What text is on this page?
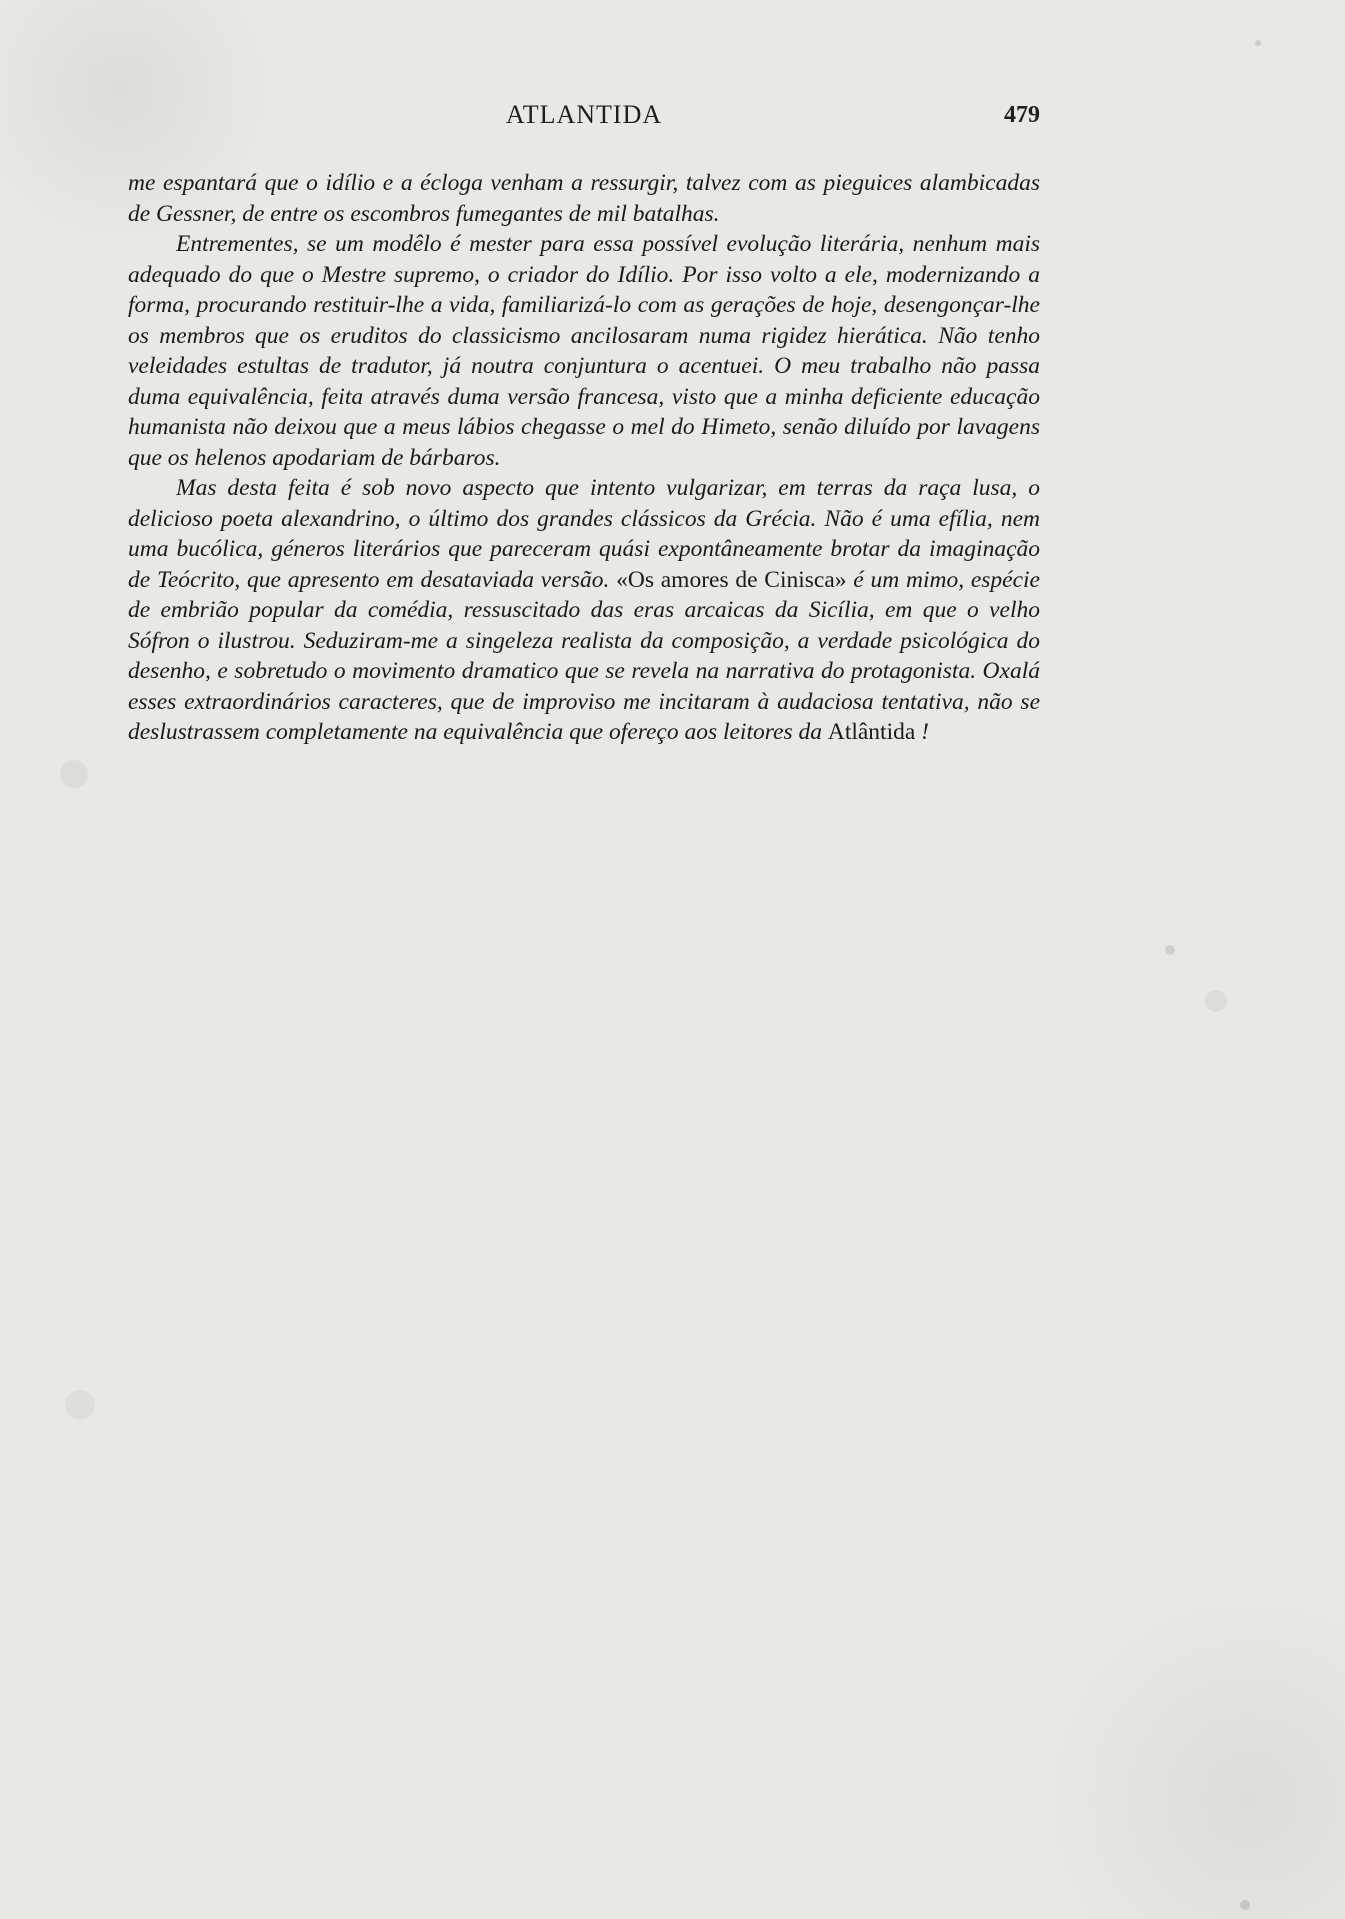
ATLANTIDA	479

me espantará que o idílio e a écloga venham a ressurgir, talvez com as pieguices alambicadas de Gessner, de entre os escombros fumegantes de mil batalhas.

Entrementes, se um modêlo é mester para essa possível evolução literária, nenhum mais adequado do que o Mestre supremo, o criador do Idílio. Por isso volto a ele, modernizando a forma, procurando restituir-lhe a vida, familiarizá-lo com as gerações de hoje, desengonçar-lhe os membros que os eruditos do classicismo ancilosaram numa rigidez hierática. Não tenho veleidades estultas de tradutor, já noutra conjuntura o acentuei. O meu trabalho não passa duma equivalência, feita através duma versão francesa, visto que a minha deficiente educação humanista não deixou que a meus lábios chegasse o mel do Himeto, senão diluído por lavagens que os helenos apodariam de bárbaros.

Mas desta feita é sob novo aspecto que intento vulgarizar, em terras da raça lusa, o delicioso poeta alexandrino, o último dos grandes clássicos da Grécia. Não é uma efília, nem uma bucólica, géneros literários que pareceram quási expontâneamente brotar da imaginação de Teócrito, que apresento em desataviada versão. «Os amores de Cinisca» é um mimo, espécie de embrião popular da comédia, ressuscitado das eras arcaicas da Sicília, em que o velho Sófron o ilustrou. Seduziram-me a singeleza realista da composição, a verdade psicológica do desenho, e sobretudo o movimento dramatico que se revela na narrativa do protagonista. Oxalá esses extraordinários caracteres, que de improviso me incitaram à audaciosa tentativa, não se deslustrassem completamente na equivalência que ofereço aos leitores da Atlântida !
